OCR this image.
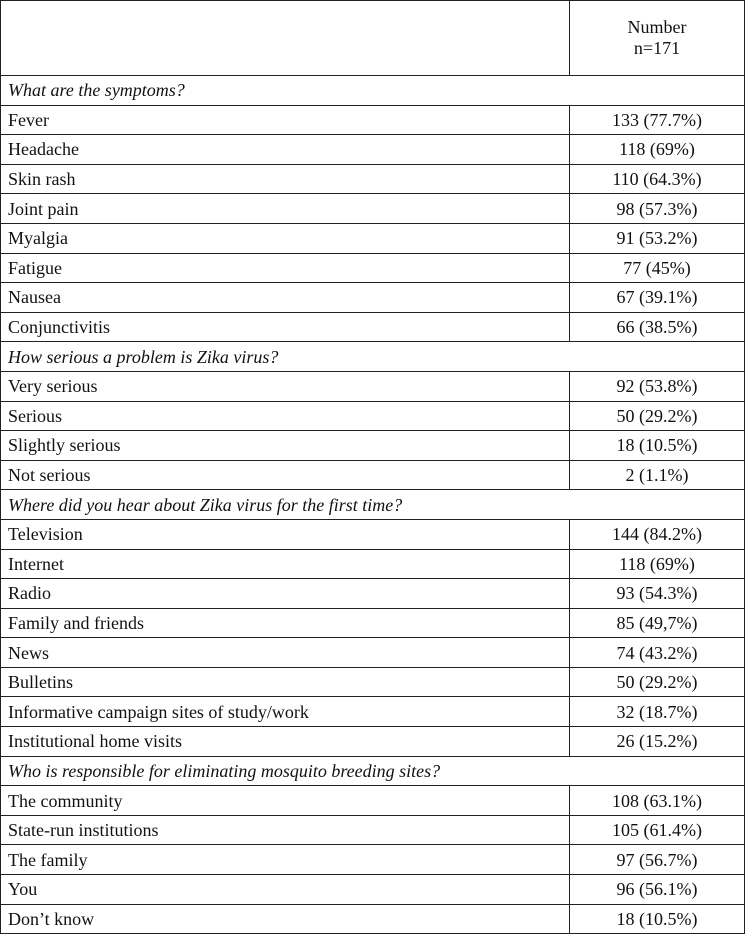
	Number
n=171

What are the symptoms?	
Fever	133 (77.7%)
Headache	118 (69%)
Skin rash	110 (64.3%)
Joint pain	98 (57.3%)
Myalgia	91 (53.2%)
Fatigue	77 (45%)
Nausea	67 (39.1%)
Conjunctivitis	66 (38.5%)
How serious a problem is Zika virus?	
Very serious	92 (53.8%)
Serious	50 (29.2%)
Slightly serious	18 (10.5%)
Not serious	2 (1.1%)
Where did you hear about Zika virus for the first time?	
Television	144 (84.2%)
Internet	118 (69%)
Radio	93 (54.3%)
Family and friends	85 (49,7%)
News	74 (43.2%)
Bulletins	50 (29.2%)
Informative campaign sites of study/work	32 (18.7%)
Institutional home visits	26 (15.2%)
Who is responsible for eliminating mosquito breeding sites?	
The community	108 (63.1%)
State-run institutions	105 (61.4%)
The family	97 (56.7%)
You	96 (56.1%)
Don’t know	18 (10.5%)
